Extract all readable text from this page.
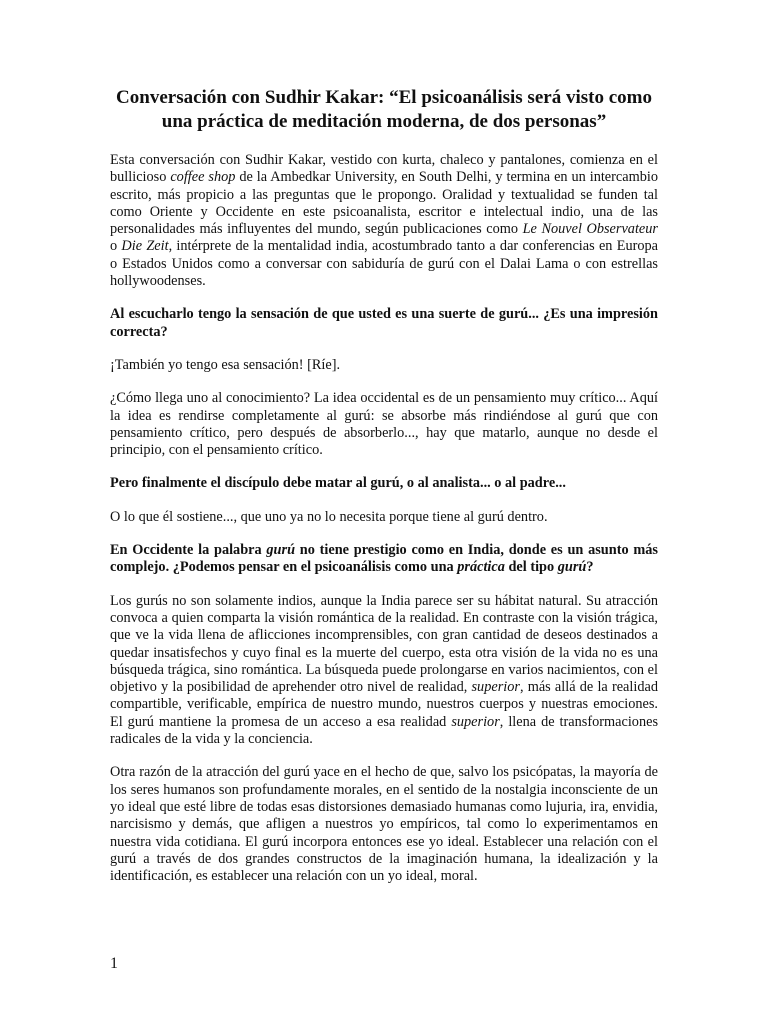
Conversación con Sudhir Kakar: “El psicoanálisis será visto como una práctica de meditación moderna, de dos personas”

Esta conversación con Sudhir Kakar, vestido con kurta, chaleco y pantalones, comienza en el bullicioso coffee shop de la Ambedkar University, en South Delhi, y termina en un intercambio escrito, más propicio a las preguntas que le propongo. Oralidad y textualidad se funden tal como Oriente y Occidente en este psicoanalista, escritor e intelectual indio, una de las personalidades más influyentes del mundo, según publicaciones como Le Nouvel Observateur o Die Zeit, intérprete de la mentalidad india, acostumbrado tanto a dar conferencias en Europa o Estados Unidos como a conversar con sabiduría de gurú con el Dalai Lama o con estrellas hollywoodenses.

Al escucharlo tengo la sensación de que usted es una suerte de gurú... ¿Es una impresión correcta?

¡También yo tengo esa sensación! [Ríe].

¿Cómo llega uno al conocimiento? La idea occidental es de un pensamiento muy crítico... Aquí la idea es rendirse completamente al gurú: se absorbe más rindiéndose al gurú que con pensamiento crítico, pero después de absorberlo..., hay que matarlo, aunque no desde el principio, con el pensamiento crítico.

Pero finalmente el discípulo debe matar al gurú, o al analista... o al padre...

O lo que él sostiene..., que uno ya no lo necesita porque tiene al gurú dentro.

En Occidente la palabra gurú no tiene prestigio como en India, donde es un asunto más complejo. ¿Podemos pensar en el psicoanálisis como una práctica del tipo gurú?

Los gurús no son solamente indios, aunque la India parece ser su hábitat natural. Su atracción convoca a quien comparta la visión romántica de la realidad. En contraste con la visión trágica, que ve la vida llena de aflicciones incomprensibles, con gran cantidad de deseos destinados a quedar insatisfechos y cuyo final es la muerte del cuerpo, esta otra visión de la vida no es una búsqueda trágica, sino romántica. La búsqueda puede prolongarse en varios nacimientos, con el objetivo y la posibilidad de aprehender otro nivel de realidad, superior, más allá de la realidad compartible, verificable, empírica de nuestro mundo, nuestros cuerpos y nuestras emociones. El gurú mantiene la promesa de un acceso a esa realidad superior, llena de transformaciones radicales de la vida y la conciencia.

Otra razón de la atracción del gurú yace en el hecho de que, salvo los psicópatas, la mayoría de los seres humanos son profundamente morales, en el sentido de la nostalgia inconsciente de un yo ideal que esté libre de todas esas distorsiones demasiado humanas como lujuria, ira, envidia, narcisismo y demás, que afligen a nuestros yo empíricos, tal como lo experimentamos en nuestra vida cotidiana. El gurú incorpora entonces ese yo ideal. Establecer una relación con el gurú a través de dos grandes constructos de la imaginación humana, la idealización y la identificación, es establecer una relación con un yo ideal, moral.

1
